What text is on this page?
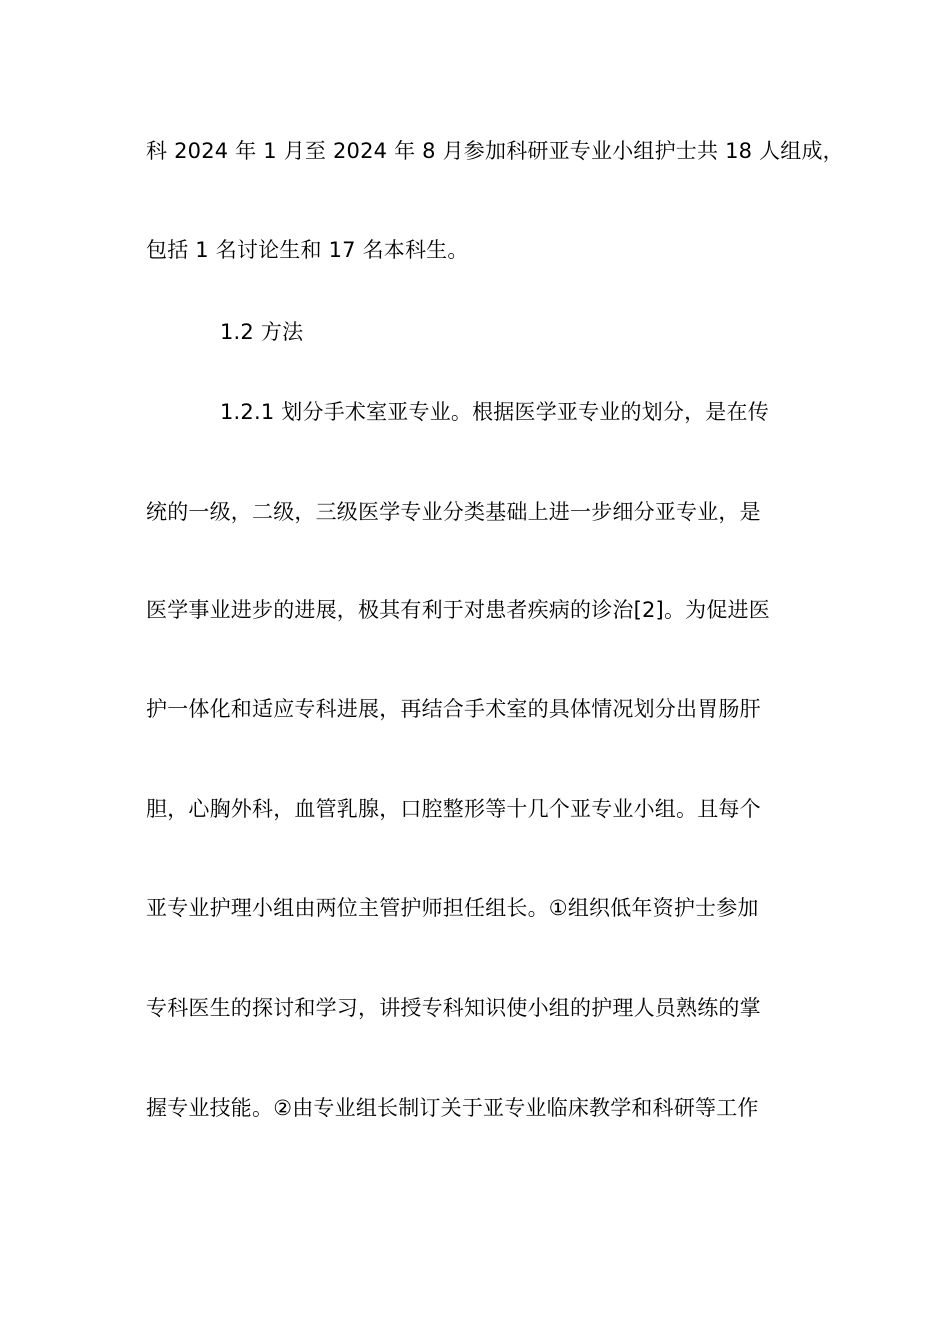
科 2024 年 1 月至 2024 年 8 月参加科研亚专业小组护士共 18 人组成，
包括 1 名讨论生和 17 名本科生。
1.2 方法
1.2.1 划分手术室亚专业。根据医学亚专业的划分，是在传
统的一级，二级，三级医学专业分类基础上进一步细分亚专业，是
医学事业进步的进展，极其有利于对患者疾病的诊治[2]。为促进医
护一体化和适应专科进展，再结合手术室的具体情况划分出胃肠肝
胆，心胸外科，血管乳腺，口腔整形等十几个亚专业小组。且每个
亚专业护理小组由两位主管护师担任组长。①组织低年资护士参加
专科医生的探讨和学习，讲授专科知识使小组的护理人员熟练的掌
握专业技能。②由专业组长制订关于亚专业临床教学和科研等工作
